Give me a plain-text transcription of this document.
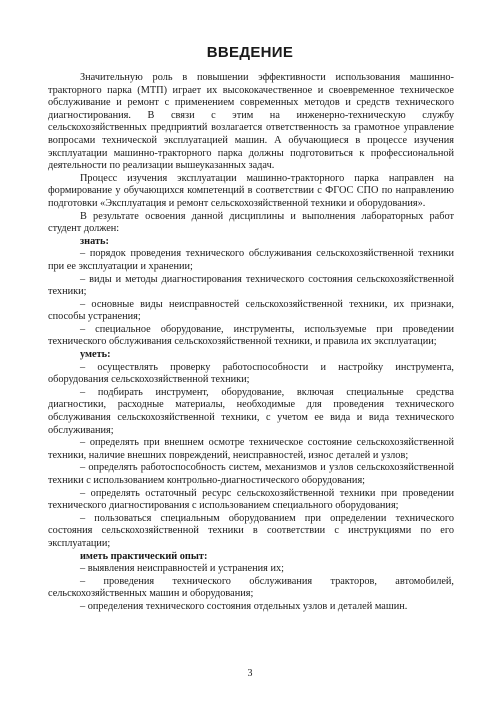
ВВЕДЕНИЕ

Значительную роль в повышении эффективности использования машинно-тракторного парка (МТП) играет их высококачественное и своевременное техническое обслуживание и ремонт с применением современных методов и средств технического диагностирования. В связи с этим на инженерно-техническую службу сельскохозяйственных предприятий возлагается ответственность за грамотное управление вопросами технической эксплуатацией машин. А обучающиеся в процессе изучения эксплуатации машинно-тракторного парка должны подготовиться к профессиональной деятельности по реализации вышеуказанных задач.

Процесс изучения эксплуатации машинно-тракторного парка направлен на формирование у обучающихся компетенций в соответствии с ФГОС СПО по направлению подготовки «Эксплуатация и ремонт сельскохозяйственной техники и оборудования».

В результате освоения данной дисциплины и выполнения лабораторных работ студент должен:

знать:

– порядок проведения технического обслуживания сельскохозяйственной техники при ее эксплуатации и хранении;

– виды и методы диагностирования технического состояния сельскохозяйственной техники;

– основные виды неисправностей сельскохозяйственной техники, их признаки, способы устранения;

– специальное оборудование, инструменты, используемые при проведении технического обслуживания сельскохозяйственной техники, и правила их эксплуатации;

уметь:

– осуществлять проверку работоспособности и настройку инструмента, оборудования сельскохозяйственной техники;

– подбирать инструмент, оборудование, включая специальные средства диагностики, расходные материалы, необходимые для проведения технического обслуживания сельскохозяйственной техники, с учетом ее вида и вида технического обслуживания;

– определять при внешнем осмотре техническое состояние сельскохозяйственной техники, наличие внешних повреждений, неисправностей, износ деталей и узлов;

– определять работоспособность систем, механизмов и узлов сельскохозяйственной техники с использованием контрольно-диагностического оборудования;

– определять остаточный ресурс сельскохозяйственной техники при проведении технического диагностирования с использованием специального оборудования;

– пользоваться специальным оборудованием при определении технического состояния сельскохозяйственной техники в соответствии с инструкциями по его эксплуатации;

иметь практический опыт:

– выявления неисправностей и устранения их;

– проведения технического обслуживания тракторов, автомобилей, сельскохозяйственных машин и оборудования;

– определения технического состояния отдельных узлов и деталей машин.

3
